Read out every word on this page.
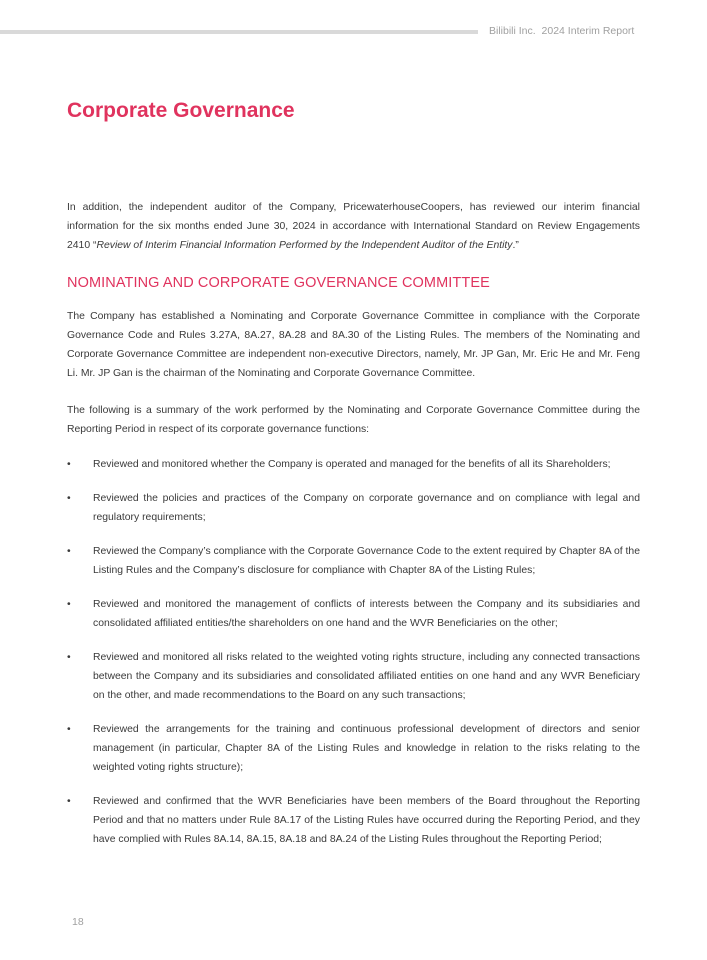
Bilibili Inc. 2024 Interim Report
Corporate Governance

In addition, the independent auditor of the Company, PricewaterhouseCoopers, has reviewed our interim financial information for the six months ended June 30, 2024 in accordance with International Standard on Review Engagements 2410 “Review of Interim Financial Information Performed by the Independent Auditor of the Entity.”

NOMINATING AND CORPORATE GOVERNANCE COMMITTEE

The Company has established a Nominating and Corporate Governance Committee in compliance with the Corporate Governance Code and Rules 3.27A, 8A.27, 8A.28 and 8A.30 of the Listing Rules. The members of the Nominating and Corporate Governance Committee are independent non-executive Directors, namely, Mr. JP Gan, Mr. Eric He and Mr. Feng Li. Mr. JP Gan is the chairman of the Nominating and Corporate Governance Committee.

The following is a summary of the work performed by the Nominating and Corporate Governance Committee during the Reporting Period in respect of its corporate governance functions:

• Reviewed and monitored whether the Company is operated and managed for the benefits of all its Shareholders;
• Reviewed the policies and practices of the Company on corporate governance and on compliance with legal and regulatory requirements;
• Reviewed the Company’s compliance with the Corporate Governance Code to the extent required by Chapter 8A of the Listing Rules and the Company’s disclosure for compliance with Chapter 8A of the Listing Rules;
• Reviewed and monitored the management of conflicts of interests between the Company and its subsidiaries and consolidated affiliated entities/the shareholders on one hand and the WVR Beneficiaries on the other;
• Reviewed and monitored all risks related to the weighted voting rights structure, including any connected transactions between the Company and its subsidiaries and consolidated affiliated entities on one hand and any WVR Beneficiary on the other, and made recommendations to the Board on any such transactions;
• Reviewed the arrangements for the training and continuous professional development of directors and senior management (in particular, Chapter 8A of the Listing Rules and knowledge in relation to the risks relating to the weighted voting rights structure);
• Reviewed and confirmed that the WVR Beneficiaries have been members of the Board throughout the Reporting Period and that no matters under Rule 8A.17 of the Listing Rules have occurred during the Reporting Period, and they have complied with Rules 8A.14, 8A.15, 8A.18 and 8A.24 of the Listing Rules throughout the Reporting Period;
18
